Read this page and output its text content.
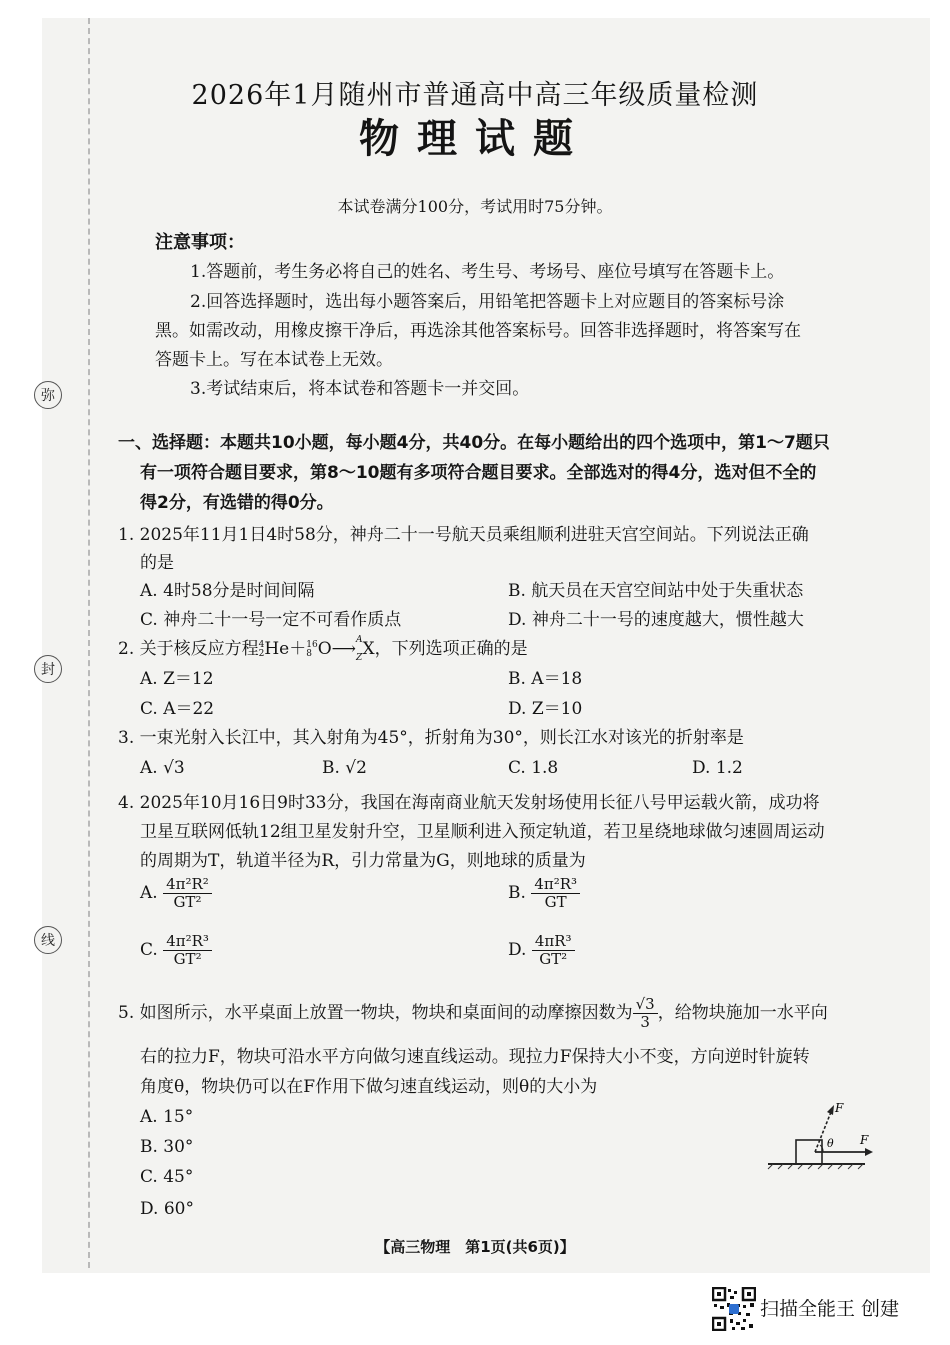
弥
封
线
2026年1月随州市普通高中高三年级质量检测
物理试题
本试卷满分100分，考试用时75分钟。
注意事项：
1.答题前，考生务必将自己的姓名、考生号、考场号、座位号填写在答题卡上。
2.回答选择题时，选出每小题答案后，用铅笔把答题卡上对应题目的答案标号涂
黑。如需改动，用橡皮擦干净后，再选涂其他答案标号。回答非选择题时，将答案写在
答题卡上。写在本试卷上无效。
3.考试结束后，将本试卷和答题卡一并交回。
一、选择题：本题共10小题，每小题4分，共40分。在每小题给出的四个选项中，第1～7题只
有一项符合题目要求，第8～10题有多项符合题目要求。全部选对的得4分，选对但不全的
得2分，有选错的得0分。
1. 2025年11月1日4时58分，神舟二十一号航天员乘组顺利进驻天宫空间站。下列说法正确
的是
A. 4时58分是时间间隔	B. 航天员在天宫空间站中处于失重状态
C. 神舟二十一号一定不可看作质点	D. 神舟二十一号的速度越大，惯性越大
2. 关于核反应方程4
2He＋16
8 O⟶ A

Z X，下列选项正确的是
A. Z＝12	B. A＝18
C. A＝22	D. Z＝10
3. 一束光射入长江中，其入射角为45°，折射角为30°，则长江水对该光的折射率是
A. √3	B. √2	C. 1.8	D. 1.2
4. 2025年10月16日9时33分，我国在海南商业航天发射场使用长征八号甲运载火箭，成功将
卫星互联网低轨12组卫星发射升空，卫星顺利进入预定轨道，若卫星绕地球做匀速圆周运动
的周期为T，轨道半径为R，引力常量为G，则地球的质量为
A. $\frac{\text{4π²R²}}{\text{GT²}}$	B. $\frac{\text{4π²R³}}{GT}$
C. $\frac{\text{4π²R³}}{\text{GT²}}$	D. $\frac{\text{4πR³}}{\text{GT²}}$
5. 如图所示，水平桌面上放置一物块，物块和桌面间的动摩擦因数为 $\frac{√3}{3}$ ，给物块施加一水平向
右的拉力F，物块可沿水平方向做匀速直线运动。现拉力F保持大小不变，方向逆时针旋转
角度θ，物块仍可以在F作用下做匀速直线运动，则θ的大小为
A. 15°
B. 30°
C. 45°
D. 60°
F
F
θ
【高三物理　第1页(共6页)】
扫描全能王 创建
